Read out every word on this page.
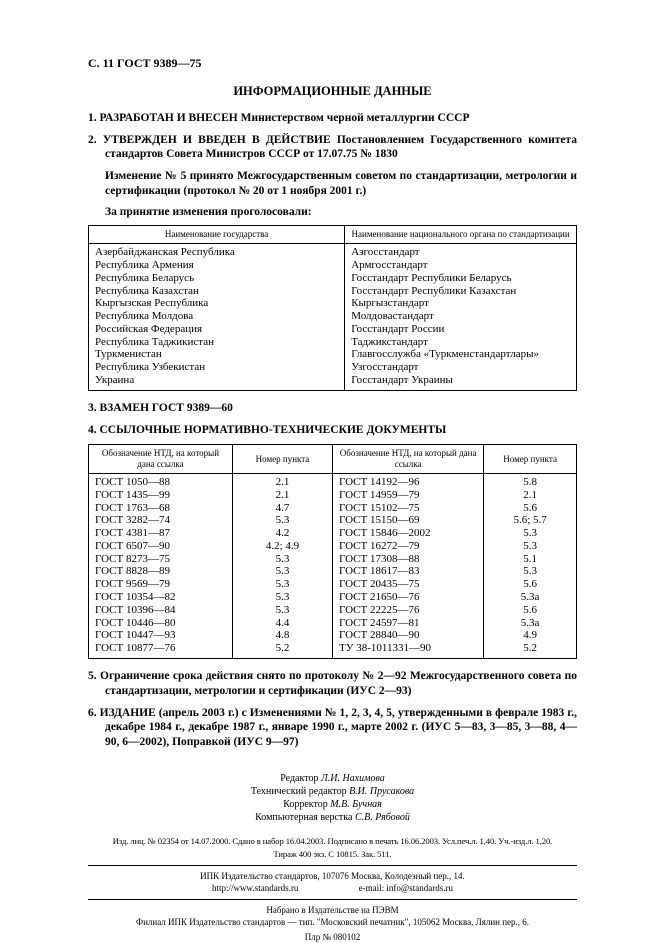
С. 11 ГОСТ 9389—75
ИНФОРМАЦИОННЫЕ ДАННЫЕ

1. РАЗРАБОТАН И ВНЕСЕН Министерством черной металлургии СССР

2. УТВЕРЖДЕН И ВВЕДЕН В ДЕЙСТВИЕ Постановлением Государственного комитета стандартов Совета Министров СССР от 17.07.75 № 1830

Изменение № 5 принято Межгосударственным советом по стандартизации, метрологии и сертификации (протокол № 20 от 1 ноября 2001 г.)

За принятие изменения проголосовали:

Наименование государства	Наименование национального органа по стандартизации
Азербайджанская Республика	Азгосстандарт
Республика Армения	Армгосстандарт
Республика Беларусь	Госстандарт Республики Беларусь
Республика Казахстан	Госстандарт Республики Казахстан
Кыргызская Республика	Кыргызстандарт
Республика Молдова	Молдовастандарт
Российская Федерация	Госстандарт России
Республика Таджикистан	Таджикстандарт
Туркменистан	Главгосслужба «Туркменстандартлары»
Республика Узбекистан	Узгосстандарт
Украина	Госстандарт Украины

3. ВЗАМЕН ГОСТ 9389—60

4. ССЫЛОЧНЫЕ НОРМАТИВНО-ТЕХНИЧЕСКИЕ ДОКУМЕНТЫ

Обозначение НТД, на который дана ссылка	Номер пункта	Обозначение НТД, на который дана ссылка	Номер пункта
ГОСТ 1050—88	2.1	ГОСТ 14192—96	5.8
ГОСТ 1435—99	2.1	ГОСТ 14959—79	2.1
ГОСТ 1763—68	4.7	ГОСТ 15102—75	5.6
ГОСТ 3282—74	5.3	ГОСТ 15150—69	5.6; 5.7
ГОСТ 4381—87	4.2	ГОСТ 15846—2002	5.3
ГОСТ 6507—90	4.2; 4.9	ГОСТ 16272—79	5.3
ГОСТ 8273—75	5.3	ГОСТ 17308—88	5.1
ГОСТ 8828—89	5.3	ГОСТ 18617—83	5.3
ГОСТ 9569—79	5.3	ГОСТ 20435—75	5.6
ГОСТ 10354—82	5.3	ГОСТ 21650—76	5.3а
ГОСТ 10396—84	5.3	ГОСТ 22225—76	5.6
ГОСТ 10446—80	4.4	ГОСТ 24597—81	5.3а
ГОСТ 10447—93	4.8	ГОСТ 28840—90	4.9
ГОСТ 10877—76	5.2	ТУ 38-1011331—90	5.2

5. Ограничение срока действия снято по протоколу № 2—92 Межгосударственного совета по стандартизации, метрологии и сертификации (ИУС 2—93)

6. ИЗДАНИЕ (апрель 2003 г.) с Изменениями № 1, 2, 3, 4, 5, утвержденными в феврале 1983 г., декабре 1984 г., декабре 1987 г., январе 1990 г., марте 2002 г. (ИУС 5—83, 3—85, 3—88, 4—90, 6—2002), Поправкой (ИУС 9—97)

Редактор Л.И. Нахимова
Технический редактор В.И. Прусакова
Корректор М.В. Бучная
Компьютерная верстка С.В. Рябовой
Изд. лиц. № 02354 от 14.07.2000. Сдано в набор 16.04.2003. Подписано в печать 16.06.2003. Усл.печ.л. 1,40. Уч.-изд.л. 1,20.
Тираж 400 экз. С 10815. Зак. 511.
ИПК Издательство стандартов, 107076 Москва, Колодезный пер., 14.
http://www.standards.ru	e-mail: info@standards.ru
Набрано в Издательстве на ПЭВМ
Филиал ИПК Издательство стандартов — тип. "Московский печатник", 105062 Москва, Лялин пер., 6.
Плр № 080102
